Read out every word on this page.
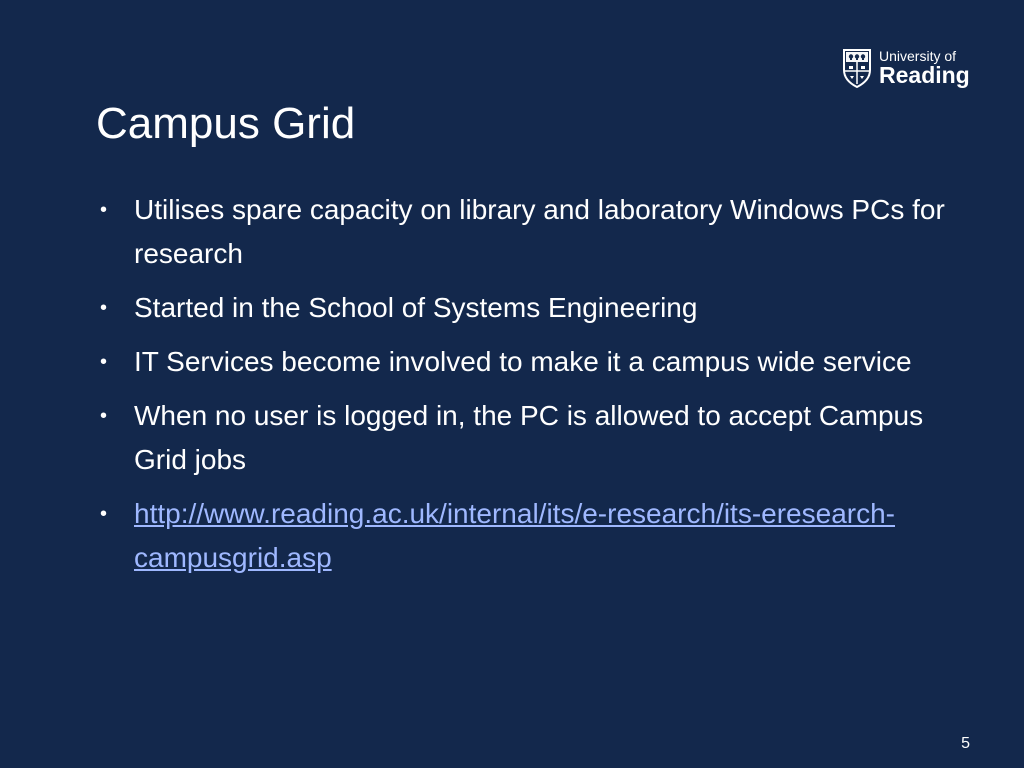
University of
Reading
Campus Grid
• Utilises spare capacity on library and laboratory Windows PCs for research
• Started in the School of Systems Engineering
• IT Services become involved to make it a campus wide service
• When no user is logged in, the PC is allowed to accept Campus Grid jobs
• http://www.reading.ac.uk/internal/its/e-research/its-eresearch-campusgrid.asp
5
